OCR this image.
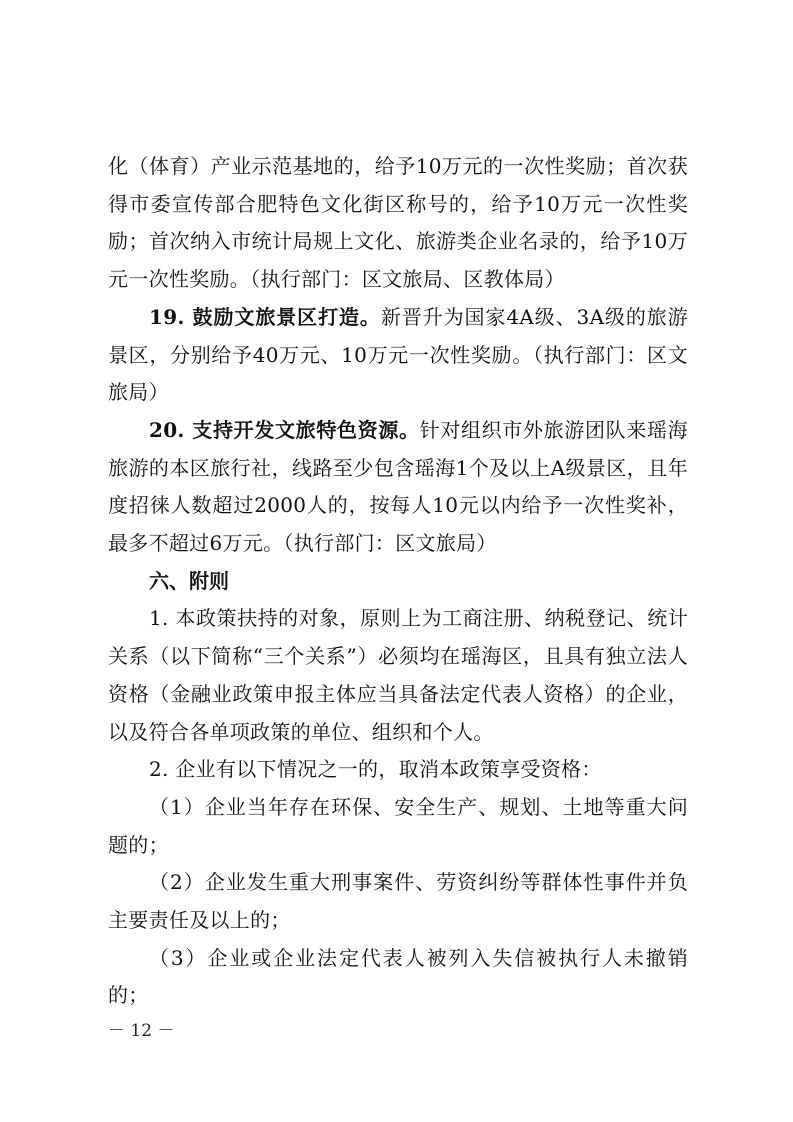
化（体育）产业示范基地的，给予10万元的一次性奖励；首次获得市委宣传部合肥特色文化街区称号的，给予10万元一次性奖励；首次纳入市统计局规上文化、旅游类企业名录的，给予10万元一次性奖励。（执行部门：区文旅局、区教体局）

19. 鼓励文旅景区打造。新晋升为国家4A级、3A级的旅游景区，分别给予40万元、10万元一次性奖励。（执行部门：区文旅局）

20. 支持开发文旅特色资源。针对组织市外旅游团队来瑶海旅游的本区旅行社，线路至少包含瑶海1个及以上A级景区，且年度招徕人数超过2000人的，按每人10元以内给予一次性奖补，最多不超过6万元。（执行部门：区文旅局）

六、附则

1. 本政策扶持的对象，原则上为工商注册、纳税登记、统计关系（以下简称“三个关系”）必须均在瑶海区，且具有独立法人资格（金融业政策申报主体应当具备法定代表人资格）的企业，以及符合各单项政策的单位、组织和个人。

2. 企业有以下情况之一的，取消本政策享受资格：

（1）企业当年存在环保、安全生产、规划、土地等重大问题的；

（2）企业发生重大刑事案件、劳资纠纷等群体性事件并负主要责任及以上的；

（3）企业或企业法定代表人被列入失信被执行人未撤销的；

－ 12 －
